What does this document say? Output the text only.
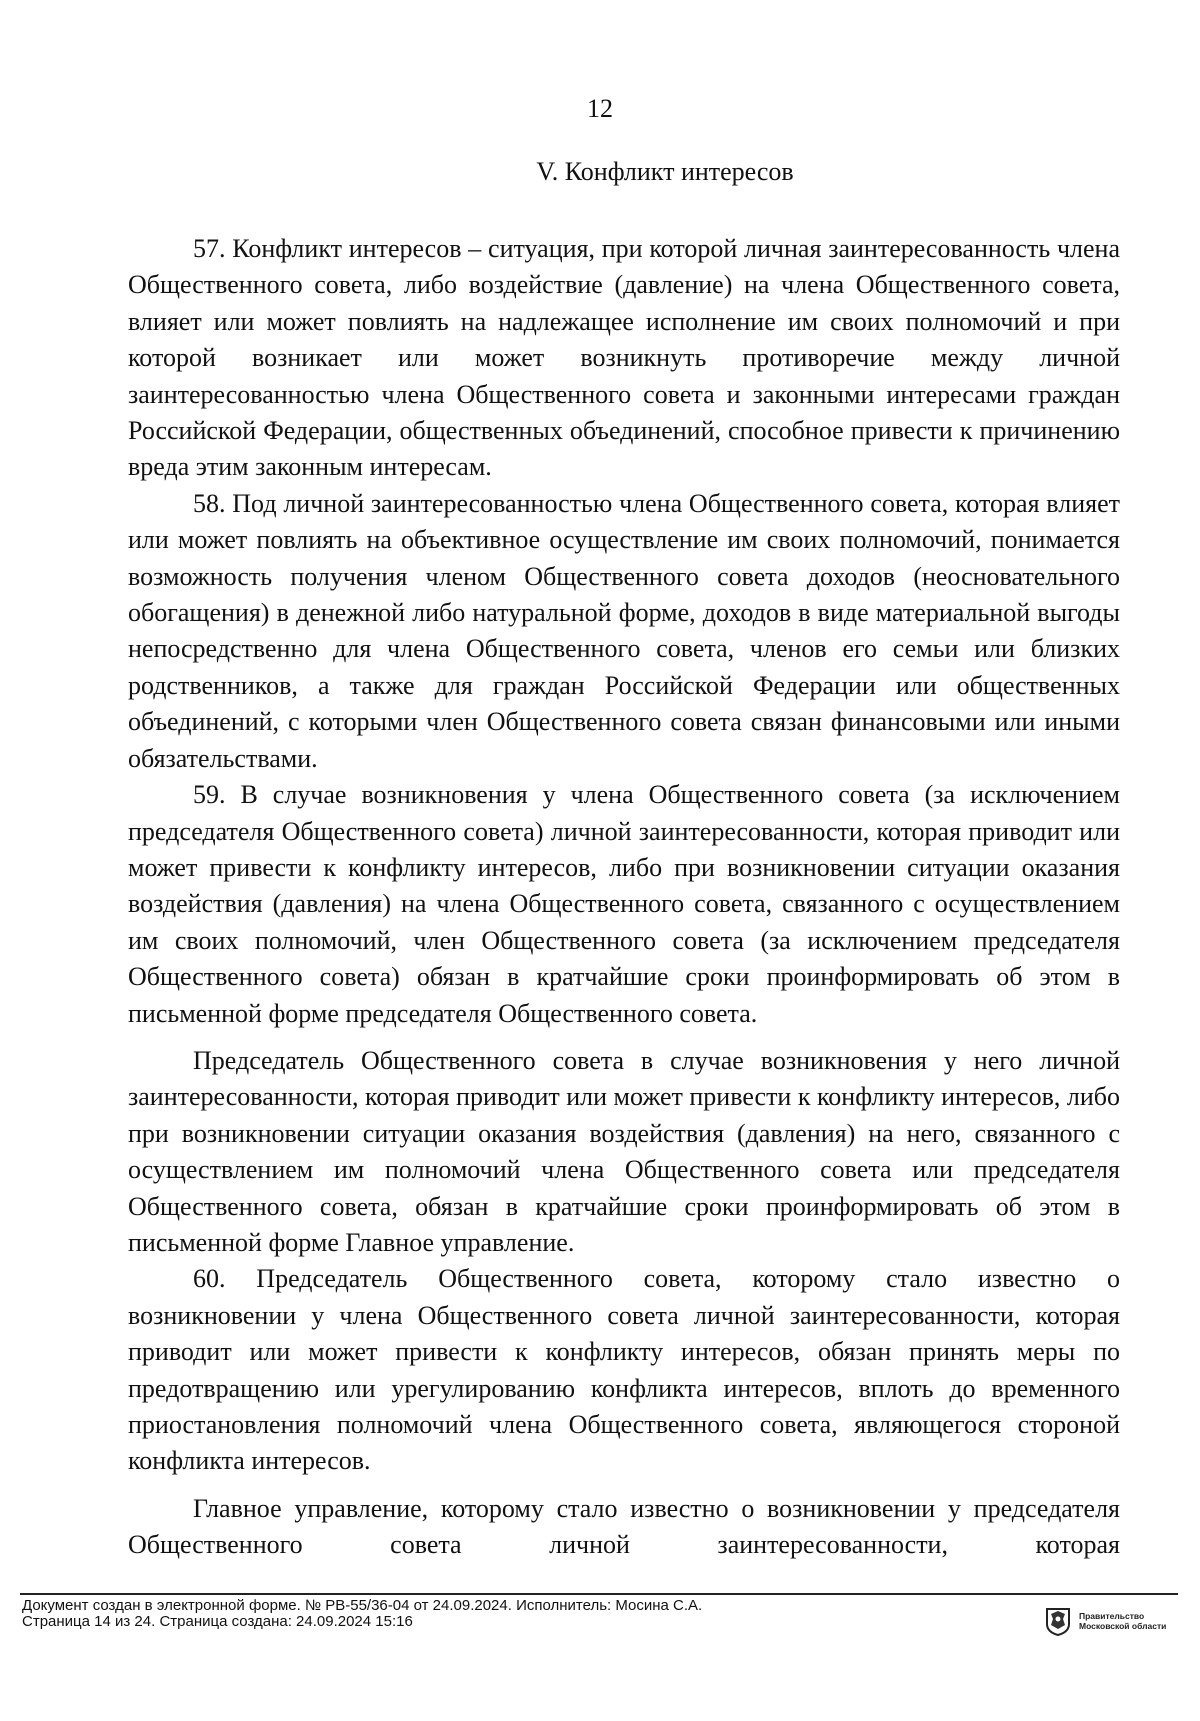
12
V. Конфликт интересов

57. Конфликт интересов – ситуация, при которой личная заинтересованность члена Общественного совета, либо воздействие (давление) на члена Общественного совета, влияет или может повлиять на надлежащее исполнение им своих полномочий и при которой возникает или может возникнуть противоречие между личной заинтересованностью члена Общественного совета и законными интересами граждан Российской Федерации, общественных объединений, способное привести к причинению вреда этим законным интересам.

58. Под личной заинтересованностью члена Общественного совета, которая влияет или может повлиять на объективное осуществление им своих полномочий, понимается возможность получения членом Общественного совета доходов (неосновательного обогащения) в денежной либо натуральной форме, доходов в виде материальной выгоды непосредственно для члена Общественного совета, членов его семьи или близких родственников, а также для граждан Российской Федерации или общественных объединений, с которыми член Общественного совета связан финансовыми или иными обязательствами.

59. В случае возникновения у члена Общественного совета (за исключением председателя Общественного совета) личной заинтересованности, которая приводит или может привести к конфликту интересов, либо при возникновении ситуации оказания воздействия (давления) на члена Общественного совета, связанного с осуществлением им своих полномочий, член Общественного совета (за исключением председателя Общественного совета) обязан в кратчайшие сроки проинформировать об этом в письменной форме председателя Общественного совета.

Председатель Общественного совета в случае возникновения у него личной заинтересованности, которая приводит или может привести к конфликту интересов, либо при возникновении ситуации оказания воздействия (давления) на него, связанного с осуществлением им полномочий члена Общественного совета или председателя Общественного совета, обязан в кратчайшие сроки проинформировать об этом в письменной форме Главное управление.

60. Председатель Общественного совета, которому стало известно о возникновении у члена Общественного совета личной заинтересованности, которая приводит или может привести к конфликту интересов, обязан принять меры по предотвращению или урегулированию конфликта интересов, вплоть до временного приостановления полномочий члена Общественного совета, являющегося стороной конфликта интересов.

Главное управление, которому стало известно о возникновении у председателя Общественного совета личной заинтересованности, которая

Документ создан в электронной форме. № РВ-55/36-04 от 24.09.2024. Исполнитель: Мосина С.А.
Страница 14 из 24. Страница создана: 24.09.2024 15:16	Правительство
Московской области
